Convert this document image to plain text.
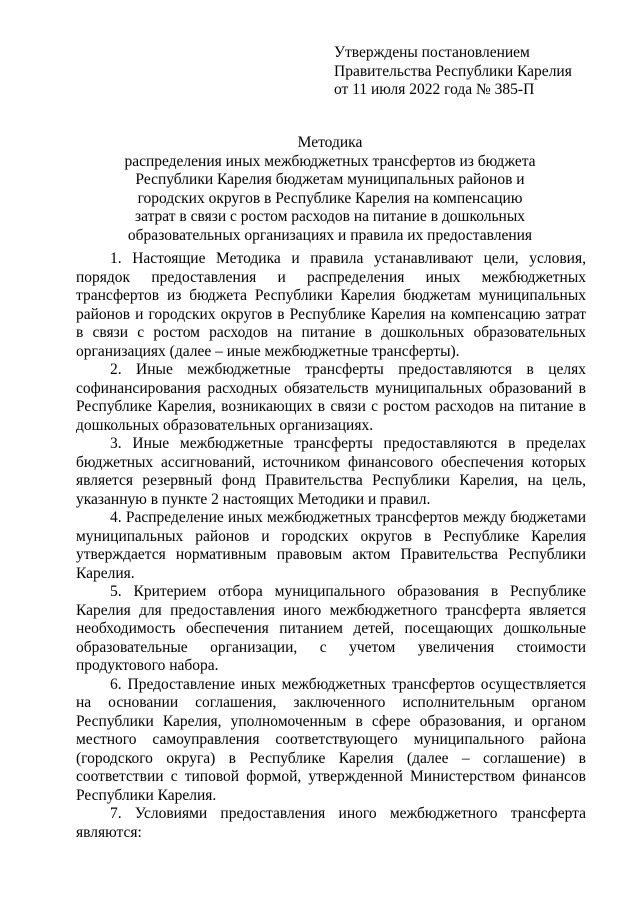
Утверждены постановлением
Правительства Республики Карелия
от 11 июля 2022 года № 385-П
Методика
распределения иных межбюджетных трансфертов из бюджета
Республики Карелия бюджетам муниципальных районов и
городских округов в Республике Карелия на компенсацию
затрат в связи с ростом расходов на питание в дошкольных
образовательных организациях и правила их предоставления

1. Настоящие Методика и правила устанавливают цели, условия, порядок предоставления и распределения иных межбюджетных трансфертов из бюджета Республики Карелия бюджетам муниципальных районов и городских округов в Республике Карелия на компенсацию затрат в связи с ростом расходов на питание в дошкольных образовательных организациях (далее – иные межбюджетные трансферты).

2. Иные межбюджетные трансферты предоставляются в целях софинансирования расходных обязательств муниципальных образований в Республике Карелия, возникающих в связи с ростом расходов на питание в дошкольных образовательных организациях.

3. Иные межбюджетные трансферты предоставляются в пределах бюджетных ассигнований, источником финансового обеспечения которых является резервный фонд Правительства Республики Карелия, на цель, указанную в пункте 2 настоящих Методики и правил.

4. Распределение иных межбюджетных трансфертов между бюджетами муниципальных районов и городских округов в Республике Карелия утверждается нормативным правовым актом Правительства Республики Карелия.

5. Критерием отбора муниципального образования в Республике Карелия для предоставления иного межбюджетного трансферта является необходимость обеспечения питанием детей, посещающих дошкольные образовательные организации, с учетом увеличения стоимости продуктового набора.

6. Предоставление иных межбюджетных трансфертов осуществляется на основании соглашения, заключенного исполнительным органом Республики Карелия, уполномоченным в сфере образования, и органом местного самоуправления соответствующего муниципального района (городского округа) в Республике Карелия (далее – соглашение) в соответствии с типовой формой, утвержденной Министерством финансов Республики Карелия.

7. Условиями предоставления иного межбюджетного трансферта являются:
